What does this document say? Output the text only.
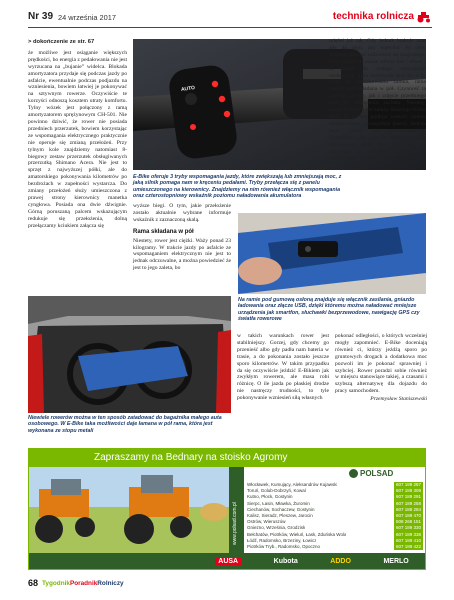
Nr 39 24 września 2017	technika rolnicza

> dokończenie ze str. 67

że możliwe jest osiąganie większych prędkości, bo energia z pedałowania nie jest wyrzucana na „bujanie” widelca. Blokada amortyzatora przydaje się podczas jazdy po asfalcie, ewentualnie podczas podjazdu na wzniesienia, bowiem łatwiej je pokonywać na sztywnym rowerze. Oczywiście te korzyści odnoszą kosztem utraty komfortu. Tylny wózek jest połączony z ramą amortyzatorem sprężynowym CH-501. Nie powinno dziwić, że rower nie posiada przedniech przerzutek, bowiem korzystając ze wspomagania elektrycznego praktycznie nie operuje się zmianą przełożeń. Przy tylnym kole znajdziemy natomiast 8-biegowy zestaw przerzutek obsługiwanych przerzutką Shimano Acera. Nie jest to sprzęt z najwyższej półki, ale do amatorskiego pokonywania kilometrów po bezdrożach w zupełności wystarcza. Do zmiany przełożeń służy umieszczona z prawej strony kierownicy manetka cyngłowa. Posiada ona dwie dźwignie. Górną poruszaną palcem wskazującym redukuje się przełożenia, dolną przełączamy kciukiem załącza się

AUTO
E-Bike oferuje 3 tryby wspomagania jazdy, które zwiększają lub zmniejszają moc, z jaką silnik pomaga nam w kręceniu pedałami. Tryby przełącza się z panelu umieszczonego na kierownicy. Znajdziemy na nim również włącznik wspomagania oraz czterostopniowy wskaźnik poziomu naładowania akumulatora

wyższe biegi. O tym, jakie przełożenie zostało aktualnie wybrane informuje wskaźnik z zaznaczoną skalą.

Rama składana w pół

Niestety, rower jest ciężki. Waży ponad 23 kilogramy. W trakcie jazdy po asfalcie ze wspomaganiem elektrycznym nie jest to jednak odczuwalne, a można powiedzieć że jest to jego zaleta, bo

mięśni jaż tak. Gdy jednak brakuje nam siły do tego, aby dojechać do celu, możemy zawsze zadzwonić do znajomego, który będzie w stanie zabrać nas i rower i to nawet do małego samochodu osobowego. Taka możliwość jest, bo w E-Bike po odblokowaniu zamka, rama rowery jest składana w pół. Czynność ta zajmuje chwilę, jak i zdjęcie przedniego koła po odkręceniu zacisku. Niestety, rower do tanich nie należy. Kosztuje blisko 8000 zł, a cenę podbija wartość układu elektrycznego, szczególnie baterii. Jednak jego zalety są niezaprzeczalne. Szczególnie dla osób w średnim wieku, zdrowotnie może być sposobem na zdrowym na słabszą kondycją, bo wspomaganie elektryczne pozwoli im

Na ramie pod gumową osłoną znajduje się włącznik zasilania, gniazdo ładowania oraz złącze USB, dzięki któremu można naładować mniejsze urządzenia jak smartfon, słuchawki bezprzewodowe, nawigację GPS czy światła rowerowe
Niewiele rowerów można w ten sposób zatadować do bagażnika małego auta osobowego. W E-Bike taka możliwości daje łamana w pół rama, która jest wykonana ze stopu metali

w takich warunkach rower jest stabilniejszy. Gorzej, gdy chcemy go przenieść albo gdy padła nam bateria w trasie, a do pokonania zostało jeszcze sporo kilometrów. W takim przypadku da się oczywiście jeździć E-Bikiem jak zwykłym rowerem, ale masa robi różnicę. O ile jazda po płaskiej drodze nie nastręczy trudności, to tyle pokonywanie wzniesień siłą własnych

pokonać odległości, o których wcześniej mogły zapomnieć. E-Bike doceniają również ci, którzy jeżdżą sporo po gruntowych drogach a dodatkowa moc pozwoli im je pokonać sprawniej i szybciej. Rower poradzi sobie również w miejscu stanowiące takiej, a czasami i szybszą alternatywę dla dojazdu do pracy samochodem.

Przemysław Staniszewski

Zapraszamy na Bednary na stoisko Agromy
www.polsad.com.pl
POLSAD
Włocławek, Kumujący, Aleksandrów Kujawski	607 189 287
Toruń, Golub-Dobrzyń, Kowal	607 189 309
Kutno, Płock, Gostynin	607 189 291
Sierpc, Łasin, Mławka, Żuromin	607 189 258
Ciechanów, Sochaczew, Gostynin	607 189 284
Kalisz, Sieradz, Pleszew, Jarocin	607 189 470
Ostrów, Wieruszów	508 269 151
Gniezno, Września, Grodzisk	607 189 330
Bełchatów, Piotrków, Wieluń, Łask, Zduńska Wola	607 189 338
Łódź, Radomsko, Brzeziny, Łowicz	607 189 410
Piotrków Tryb., Radomsko, Opoczno	607 189 422
AUSA	Kubota	ADDO	MERLO
68 TygodnikPoradnikRolniczy
